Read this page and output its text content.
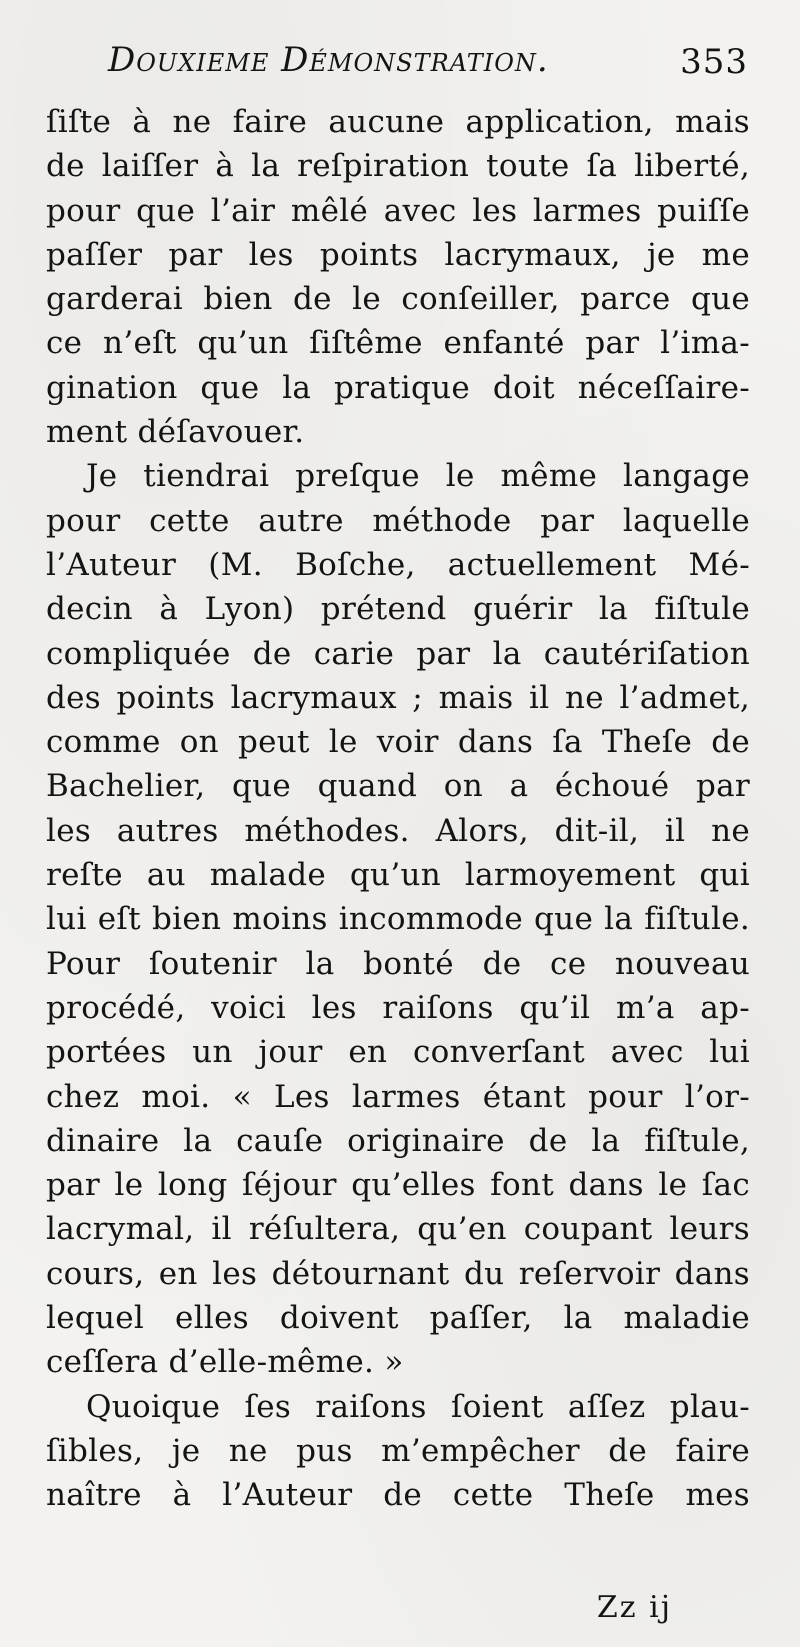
Douxieme Démonstration.	353
ſiſte à ne faire aucune application, mais
de laiſſer à la reſpiration toute ſa liberté,
pour que l’air mêlé avec les larmes puiſſe
paſſer par les points lacrymaux, je me
garderai bien de le conſeiller, parce que
ce n’eſt qu’un ſiſtême enfanté par l’ima-
gination que la pratique doit néceſſaire-
ment déſavouer.
Je tiendrai preſque le même langage
pour cette autre méthode par laquelle
l’Auteur (M. Boſche, actuellement Mé-
decin à Lyon) prétend guérir la fiſtule
compliquée de carie par la cautériſation
des points lacrymaux ; mais il ne l’admet,
comme on peut le voir dans ſa Theſe de
Bachelier, que quand on a échoué par
les autres méthodes. Alors, dit-il, il ne
reſte au malade qu’un larmoyement qui
lui eſt bien moins incommode que la fiſtule.
Pour ſoutenir la bonté de ce nouveau
procédé, voici les raiſons qu’il m’a ap-
portées un jour en converſant avec lui
chez moi. « Les larmes étant pour l’or-
dinaire la cauſe originaire de la fiſtule,
par le long ſéjour qu’elles font dans le ſac
lacrymal, il réſultera, qu’en coupant leurs
cours, en les détournant du reſervoir dans
lequel elles doivent paſſer, la maladie
ceſſera d’elle-même. »
Quoique ſes raiſons ſoient aſſez plau-
ſibles, je ne pus m’empêcher de faire
naître à l’Auteur de cette Theſe mes
Zz ij
